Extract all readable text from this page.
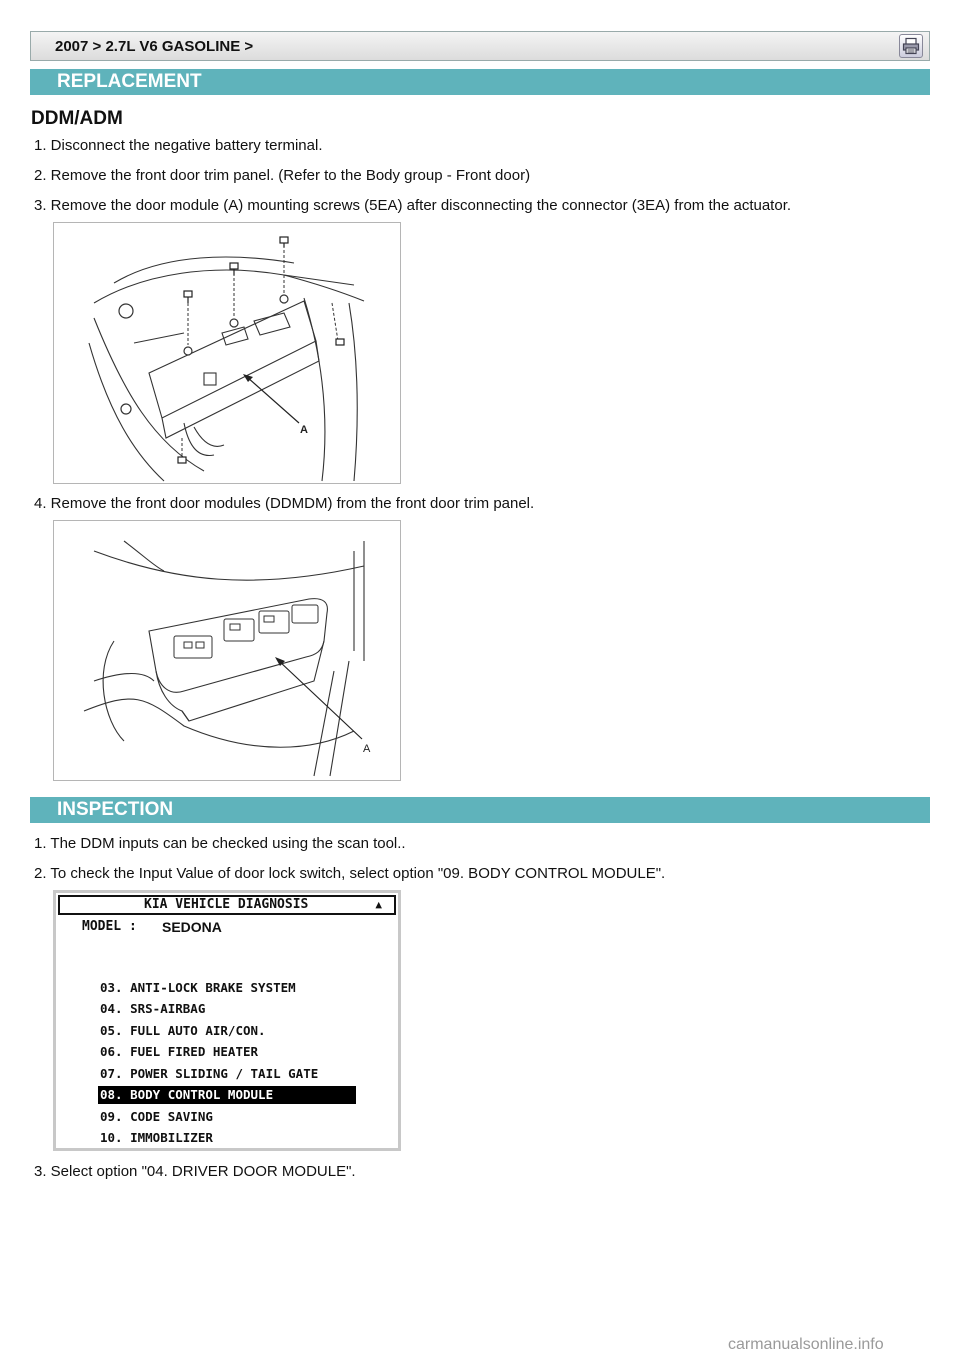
2007 > 2.7L V6 GASOLINE >
REPLACEMENT
DDM/ADM
1. Disconnect the negative battery terminal.
2. Remove the front door trim panel. (Refer to the Body group - Front door)
3. Remove the door module (A) mounting screws (5EA) after disconnecting the connector (3EA) from the actuator.
A
4. Remove the front door modules (DDMDM) from the front door trim panel.
A
INSPECTION
1. The DDM inputs can be checked using the scan tool..
2. To check the Input Value of door lock switch, select option "09. BODY CONTROL MODULE".
KIA VEHICLE DIAGNOSIS	▲
MODEL : SEDONA
03. ANTI-LOCK BRAKE SYSTEM
04. SRS-AIRBAG
05. FULL AUTO AIR/CON.
06. FUEL FIRED HEATER
07. POWER SLIDING / TAIL GATE
08. BODY CONTROL MODULE
09. CODE SAVING
10. IMMOBILIZER
3. Select option "04. DRIVER DOOR MODULE".
carmanualsonline.info
